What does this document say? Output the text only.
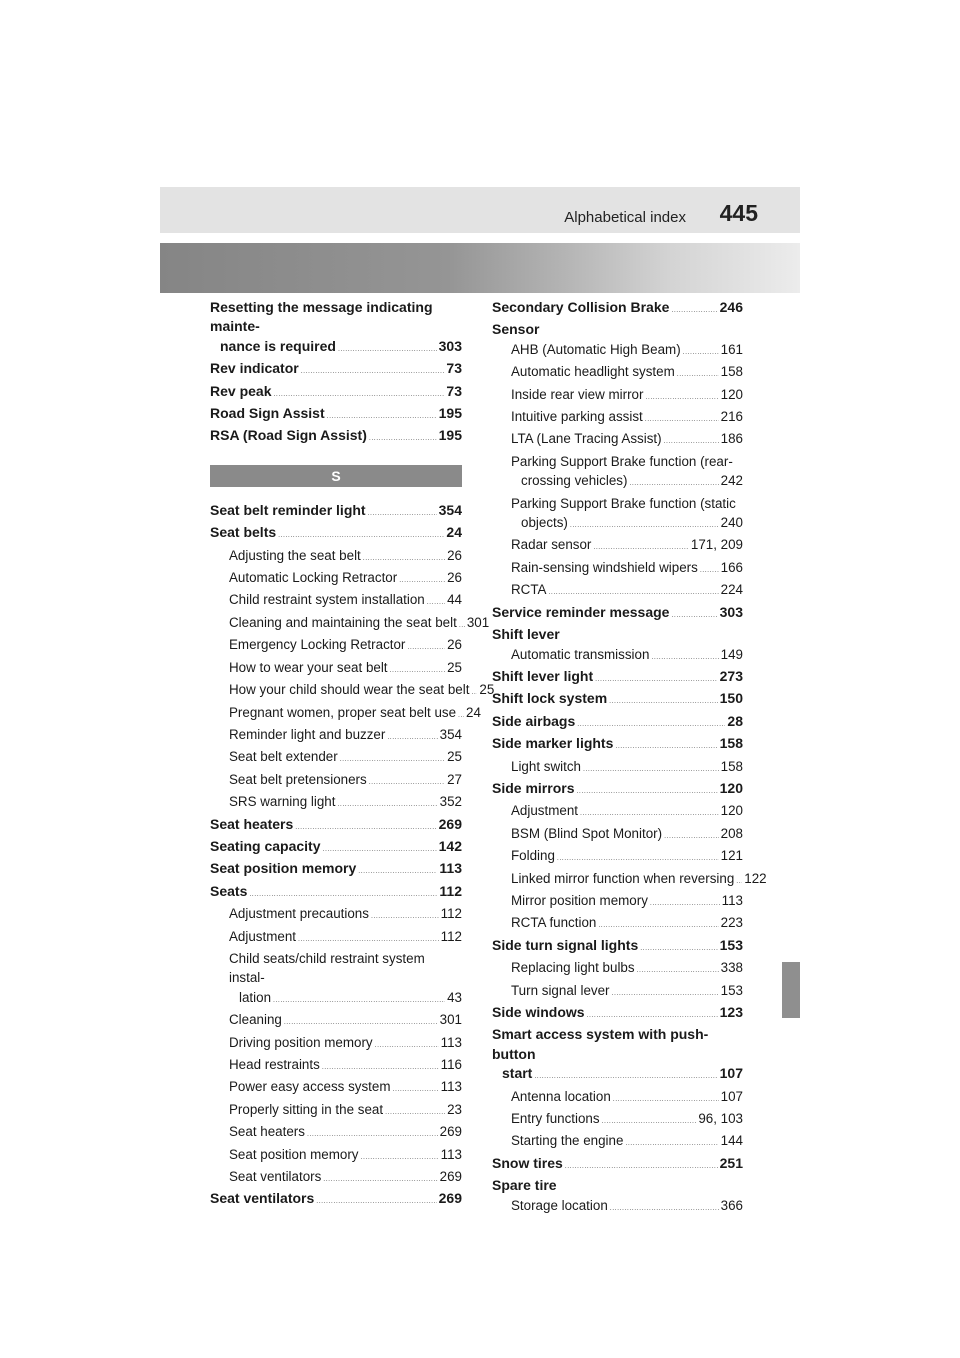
Alphabetical index 445
Resetting the message indicating mainte-
nance is required .....	303
Rev indicator .....	73
Rev peak .....	73
Road Sign Assist .....	195
RSA (Road Sign Assist) .....	195
S
Seat belt reminder light .....	354
Seat belts .....	24
Adjusting the seat belt .....	26
Automatic Locking Retractor .....	26
Child restraint system installation ..... 44
Cleaning and maintaining the seat belt ..... 301
Emergency Locking Retractor .....	26
How to wear your seat belt .....	25
How your child should wear the seat belt ..... 25
Pregnant women, proper seat belt use ..... 24
Reminder light and buzzer .....	354
Seat belt extender .....	25
Seat belt pretensioners .....	27
SRS warning light .....	352
Seat heaters .....	269
Seating capacity .....	142
Seat position memory .....	113
Seats .....	112
Adjustment precautions .....	112
Adjustment .....	112
Child seats/child restraint system instal-
lation .....	43
Cleaning .....	301
Driving position memory .....	113
Head restraints .....	116
Power easy access system .....	113
Properly sitting in the seat .....	23
Seat heaters .....	269
Seat position memory .....	113
Seat ventilators .....	269
Seat ventilators .....	269
Secondary Collision Brake .....	246
Sensor
AHB (Automatic High Beam) .....	161
Automatic headlight system .....	158
Inside rear view mirror .....	120
Intuitive parking assist .....	216
LTA (Lane Tracing Assist) .....	186
Parking Support Brake function (rear-
crossing vehicles) .....	242
Parking Support Brake function (static
objects) .....	240
Radar sensor .....	171, 209
Rain-sensing windshield wipers ..... 166
RCTA .....	224
Service reminder message .....	303
Shift lever
Automatic transmission .....	149
Shift lever light .....	273
Shift lock system .....	150
Side airbags .....	28
Side marker lights .....	158
Light switch .....	158
Side mirrors .....	120
Adjustment .....	120
BSM (Blind Spot Monitor) .....	208
Folding .....	121
Linked mirror function when reversing ..... 122
Mirror position memory .....	113
RCTA function .....	223
Side turn signal lights .....	153
Replacing light bulbs .....	338
Turn signal lever .....	153
Side windows .....	123
Smart access system with push-button
start .....	107
Antenna location .....	107
Entry functions .....	96, 103
Starting the engine .....	144
Snow tires .....	251
Spare tire
Storage location .....	366
